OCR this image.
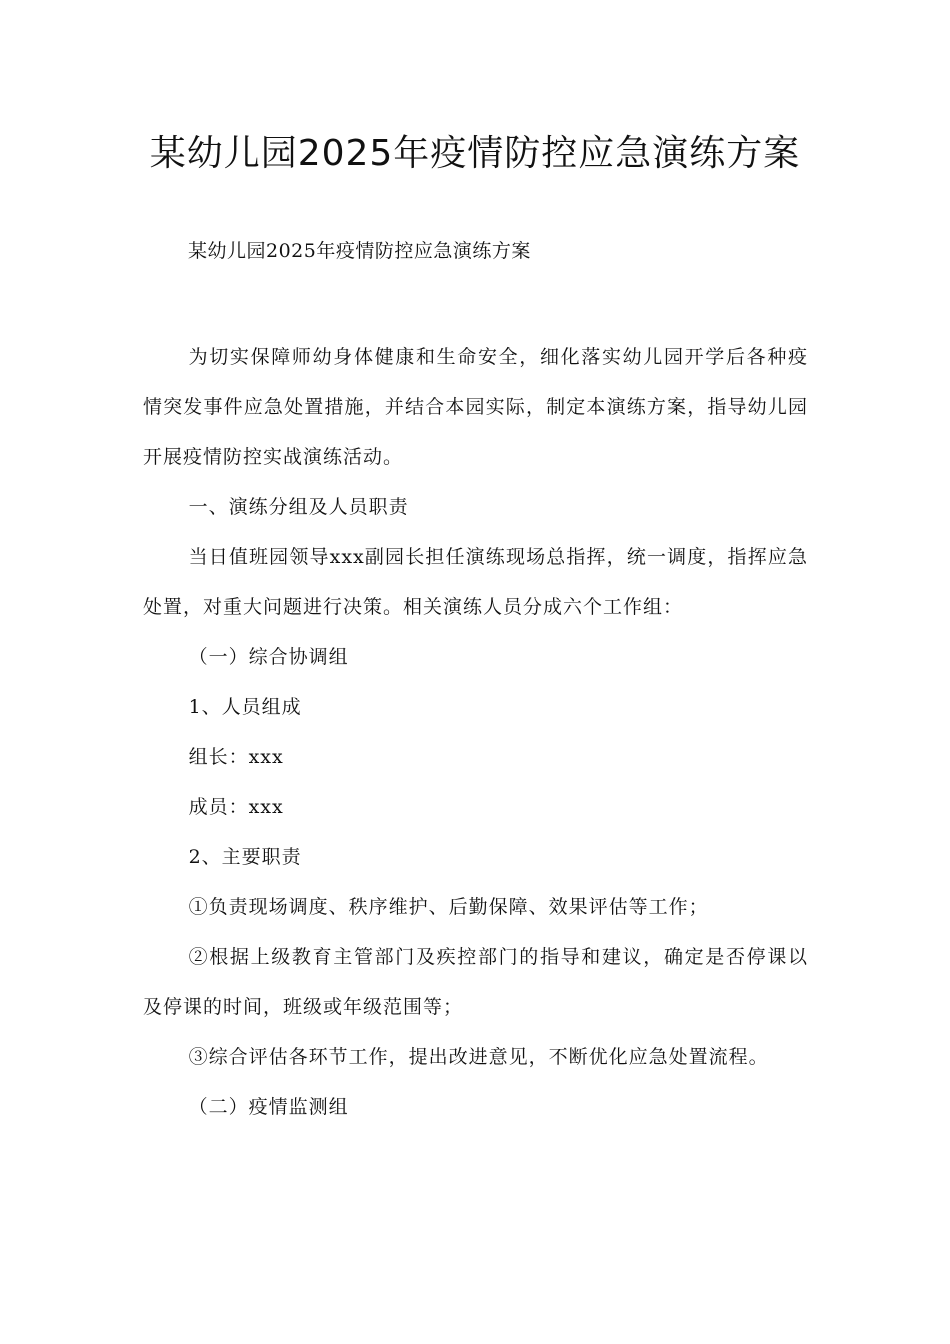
某幼儿园2025年疫情防控应急演练方案
某幼儿园2025年疫情防控应急演练方案

为切实保障师幼身体健康和生命安全，细化落实幼儿园开学后各种疫情突发事件应急处置措施，并结合本园实际，制定本演练方案，指导幼儿园开展疫情防控实战演练活动。

一、演练分组及人员职责

当日值班园领导xxx副园长担任演练现场总指挥，统一调度，指挥应急处置，对重大问题进行决策。相关演练人员分成六个工作组：

（一）综合协调组

1、人员组成

组长：xxx

成员：xxx

2、主要职责

①负责现场调度、秩序维护、后勤保障、效果评估等工作；

②根据上级教育主管部门及疾控部门的指导和建议，确定是否停课以及停课的时间，班级或年级范围等；

③综合评估各环节工作，提出改进意见，不断优化应急处置流程。

（二）疫情监测组
